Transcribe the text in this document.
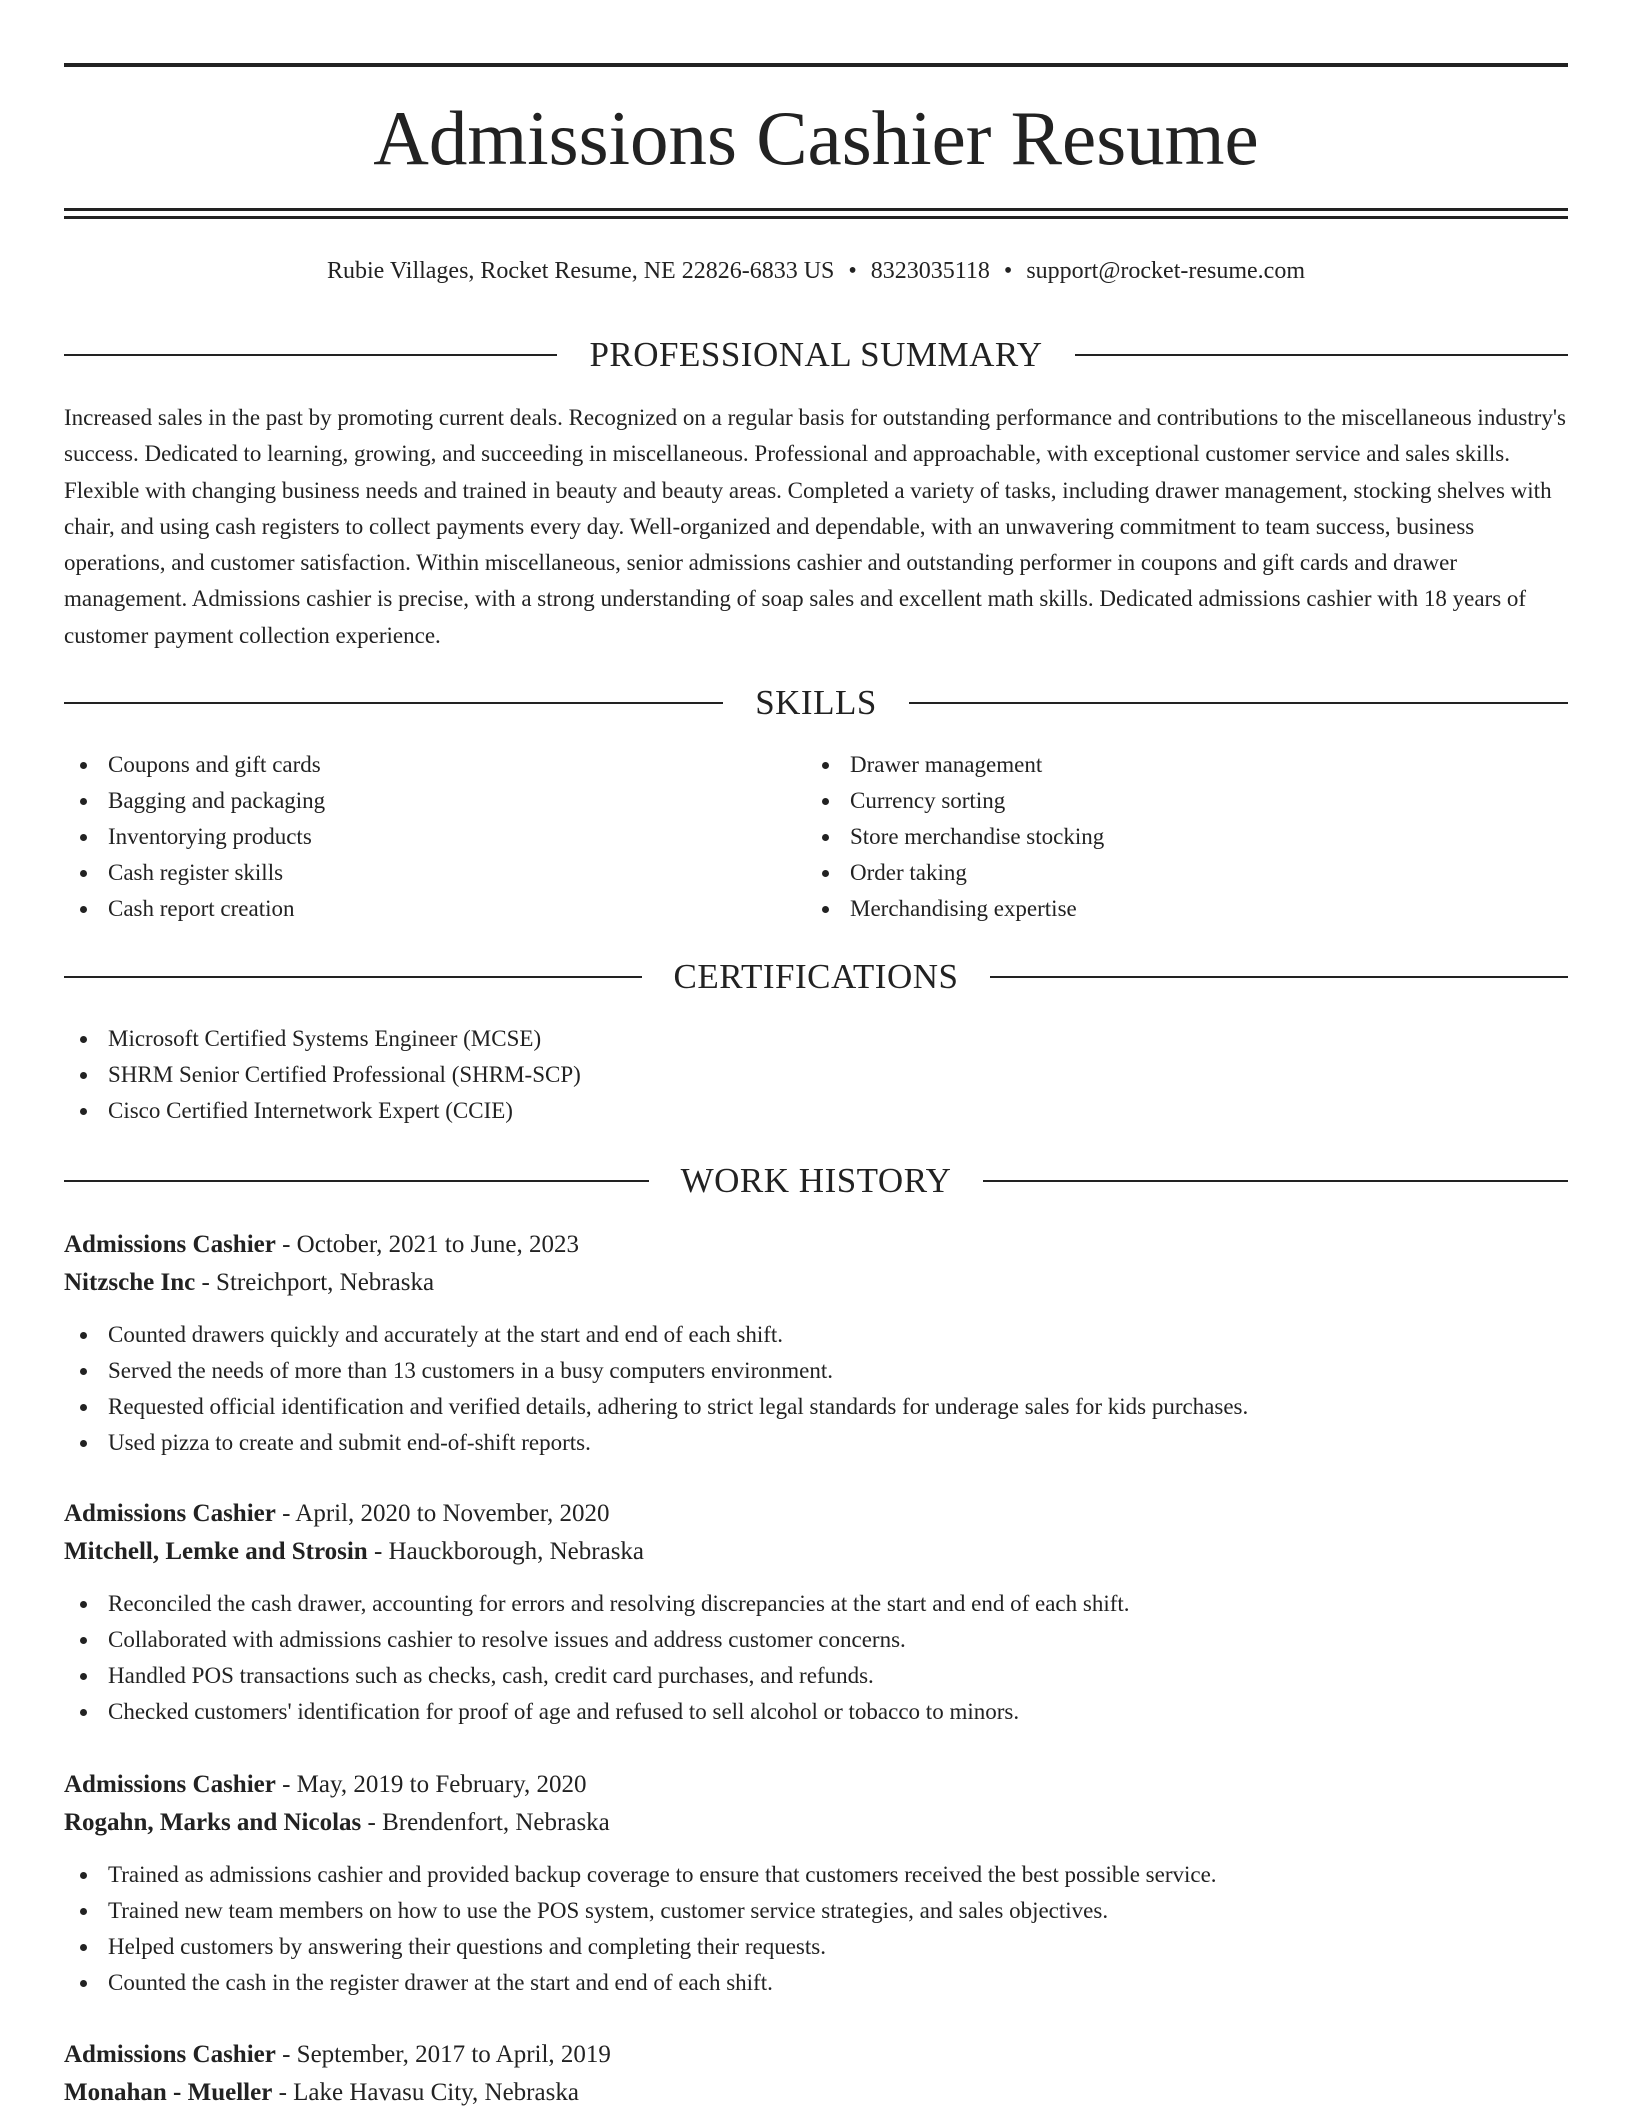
Admissions Cashier Resume
Rubie Villages, Rocket Resume, NE 22826-6833 US • 8323035118 • support@rocket-resume.com
PROFESSIONAL SUMMARY

Increased sales in the past by promoting current deals. Recognized on a regular basis for outstanding performance and contributions to the miscellaneous industry's success. Dedicated to learning, growing, and succeeding in miscellaneous. Professional and approachable, with exceptional customer service and sales skills. Flexible with changing business needs and trained in beauty and beauty areas. Completed a variety of tasks, including drawer management, stocking shelves with chair, and using cash registers to collect payments every day. Well-organized and dependable, with an unwavering commitment to team success, business operations, and customer satisfaction. Within miscellaneous, senior admissions cashier and outstanding performer in coupons and gift cards and drawer management. Admissions cashier is precise, with a strong understanding of soap sales and excellent math skills. Dedicated admissions cashier with 18 years of customer payment collection experience.

SKILLS
Coupons and gift cards
Bagging and packaging
Inventorying products
Cash register skills
Cash report creation
Drawer management
Currency sorting
Store merchandise stocking
Order taking
Merchandising expertise
CERTIFICATIONS
Microsoft Certified Systems Engineer (MCSE)
SHRM Senior Certified Professional (SHRM-SCP)
Cisco Certified Internetwork Expert (CCIE)
WORK HISTORY
Admissions Cashier - October, 2021 to June, 2023
Nitzsche Inc - Streichport, Nebraska
Counted drawers quickly and accurately at the start and end of each shift.
Served the needs of more than 13 customers in a busy computers environment.
Requested official identification and verified details, adhering to strict legal standards for underage sales for kids purchases.
Used pizza to create and submit end-of-shift reports.
Admissions Cashier - April, 2020 to November, 2020
Mitchell, Lemke and Strosin - Hauckborough, Nebraska
Reconciled the cash drawer, accounting for errors and resolving discrepancies at the start and end of each shift.
Collaborated with admissions cashier to resolve issues and address customer concerns.
Handled POS transactions such as checks, cash, credit card purchases, and refunds.
Checked customers' identification for proof of age and refused to sell alcohol or tobacco to minors.
Admissions Cashier - May, 2019 to February, 2020
Rogahn, Marks and Nicolas - Brendenfort, Nebraska
Trained as admissions cashier and provided backup coverage to ensure that customers received the best possible service.
Trained new team members on how to use the POS system, customer service strategies, and sales objectives.
Helped customers by answering their questions and completing their requests.
Counted the cash in the register drawer at the start and end of each shift.
Admissions Cashier - September, 2017 to April, 2019
Monahan - Mueller - Lake Havasu City, Nebraska
